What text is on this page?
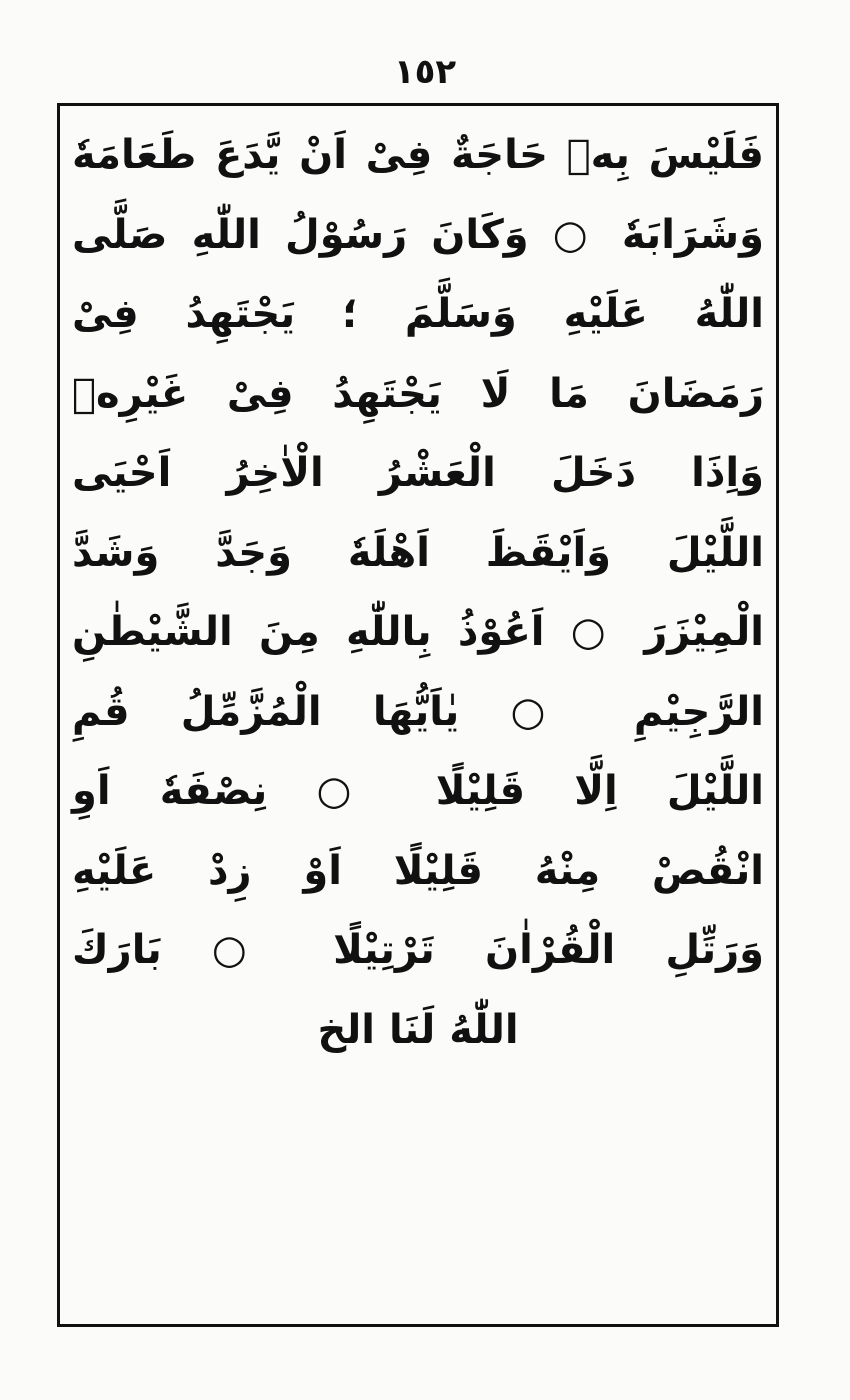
١٥٢
فَلَيْسَ بِهٖ حَاجَةٌ فِىْ اَنْ يَّدَعَ طَعَامَهٗ
وَشَرَابَهٗ ○ وَكَانَ رَسُوْلُ اللّٰهِ صَلَّى
اللّٰهُ عَلَيْهِ وَسَلَّمَ ؛ يَجْتَهِدُ فِىْ
رَمَضَانَ مَا لَا يَجْتَهِدُ فِىْ غَيْرِهٖ
وَاِذَا دَخَلَ الْعَشْرُ الْاٰخِرُ اَحْيَى
اللَّيْلَ وَاَيْقَظَ اَهْلَهٗ وَجَدَّ وَشَدَّ
الْمِيْزَرَ ○ اَعُوْذُ بِاللّٰهِ مِنَ الشَّيْطٰنِ
الرَّجِيْمِ ○ يٰاَيُّهَا الْمُزَّمِّلُ قُمِ
اللَّيْلَ اِلَّا قَلِيْلًا ○ نِصْفَهٗ اَوِ
انْقُصْ مِنْهُ قَلِيْلًا اَوْ زِدْ عَلَيْهِ
وَرَتِّلِ الْقُرْاٰنَ تَرْتِيْلًا ○ بَارَكَ
اللّٰهُ لَنَا الخ
